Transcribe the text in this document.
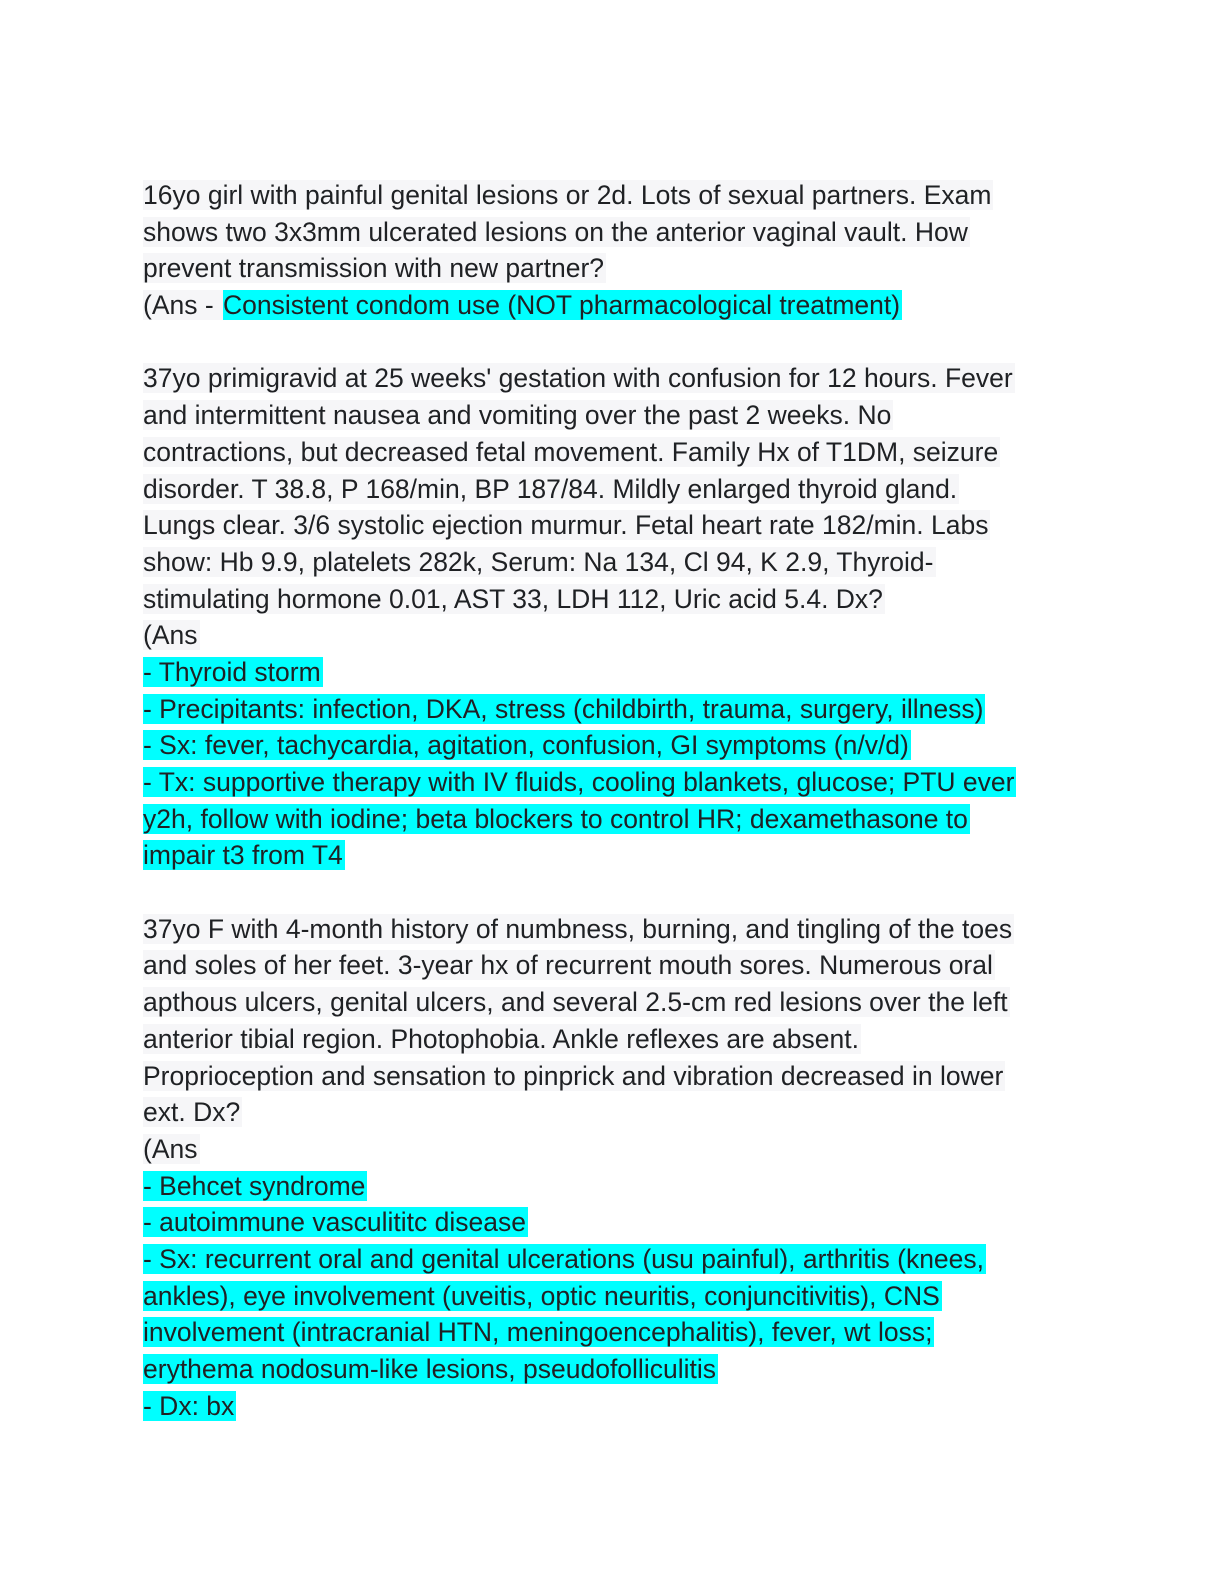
16yo girl with painful genital lesions or 2d. Lots of sexual partners. Exam
shows two 3x3mm ulcerated lesions on the anterior vaginal vault. How
prevent transmission with new partner?
(Ans - Consistent condom use (NOT pharmacological treatment)
37yo primigravid at 25 weeks' gestation with confusion for 12 hours. Fever
and intermittent nausea and vomiting over the past 2 weeks. No
contractions, but decreased fetal movement. Family Hx of T1DM, seizure
disorder. T 38.8, P 168/min, BP 187/84. Mildly enlarged thyroid gland.
Lungs clear. 3/6 systolic ejection murmur. Fetal heart rate 182/min. Labs
show: Hb 9.9, platelets 282k, Serum: Na 134, Cl 94, K 2.9, Thyroid-
stimulating hormone 0.01, AST 33, LDH 112, Uric acid 5.4. Dx?
(Ans
- Thyroid storm
- Precipitants: infection, DKA, stress (childbirth, trauma, surgery, illness)
- Sx: fever, tachycardia, agitation, confusion, GI symptoms (n/v/d)
- Tx: supportive therapy with IV fluids, cooling blankets, glucose; PTU ever
y2h, follow with iodine; beta blockers to control HR; dexamethasone to
impair t3 from T4
37yo F with 4-month history of numbness, burning, and tingling of the toes
and soles of her feet. 3-year hx of recurrent mouth sores. Numerous oral
apthous ulcers, genital ulcers, and several 2.5-cm red lesions over the left
anterior tibial region. Photophobia. Ankle reflexes are absent.
Proprioception and sensation to pinprick and vibration decreased in lower
ext. Dx?
(Ans
- Behcet syndrome
- autoimmune vasculititc disease
- Sx: recurrent oral and genital ulcerations (usu painful), arthritis (knees,
ankles), eye involvement (uveitis, optic neuritis, conjuncitivitis), CNS
involvement (intracranial HTN, meningoencephalitis), fever, wt loss;
erythema nodosum-like lesions, pseudofolliculitis
- Dx: bx
